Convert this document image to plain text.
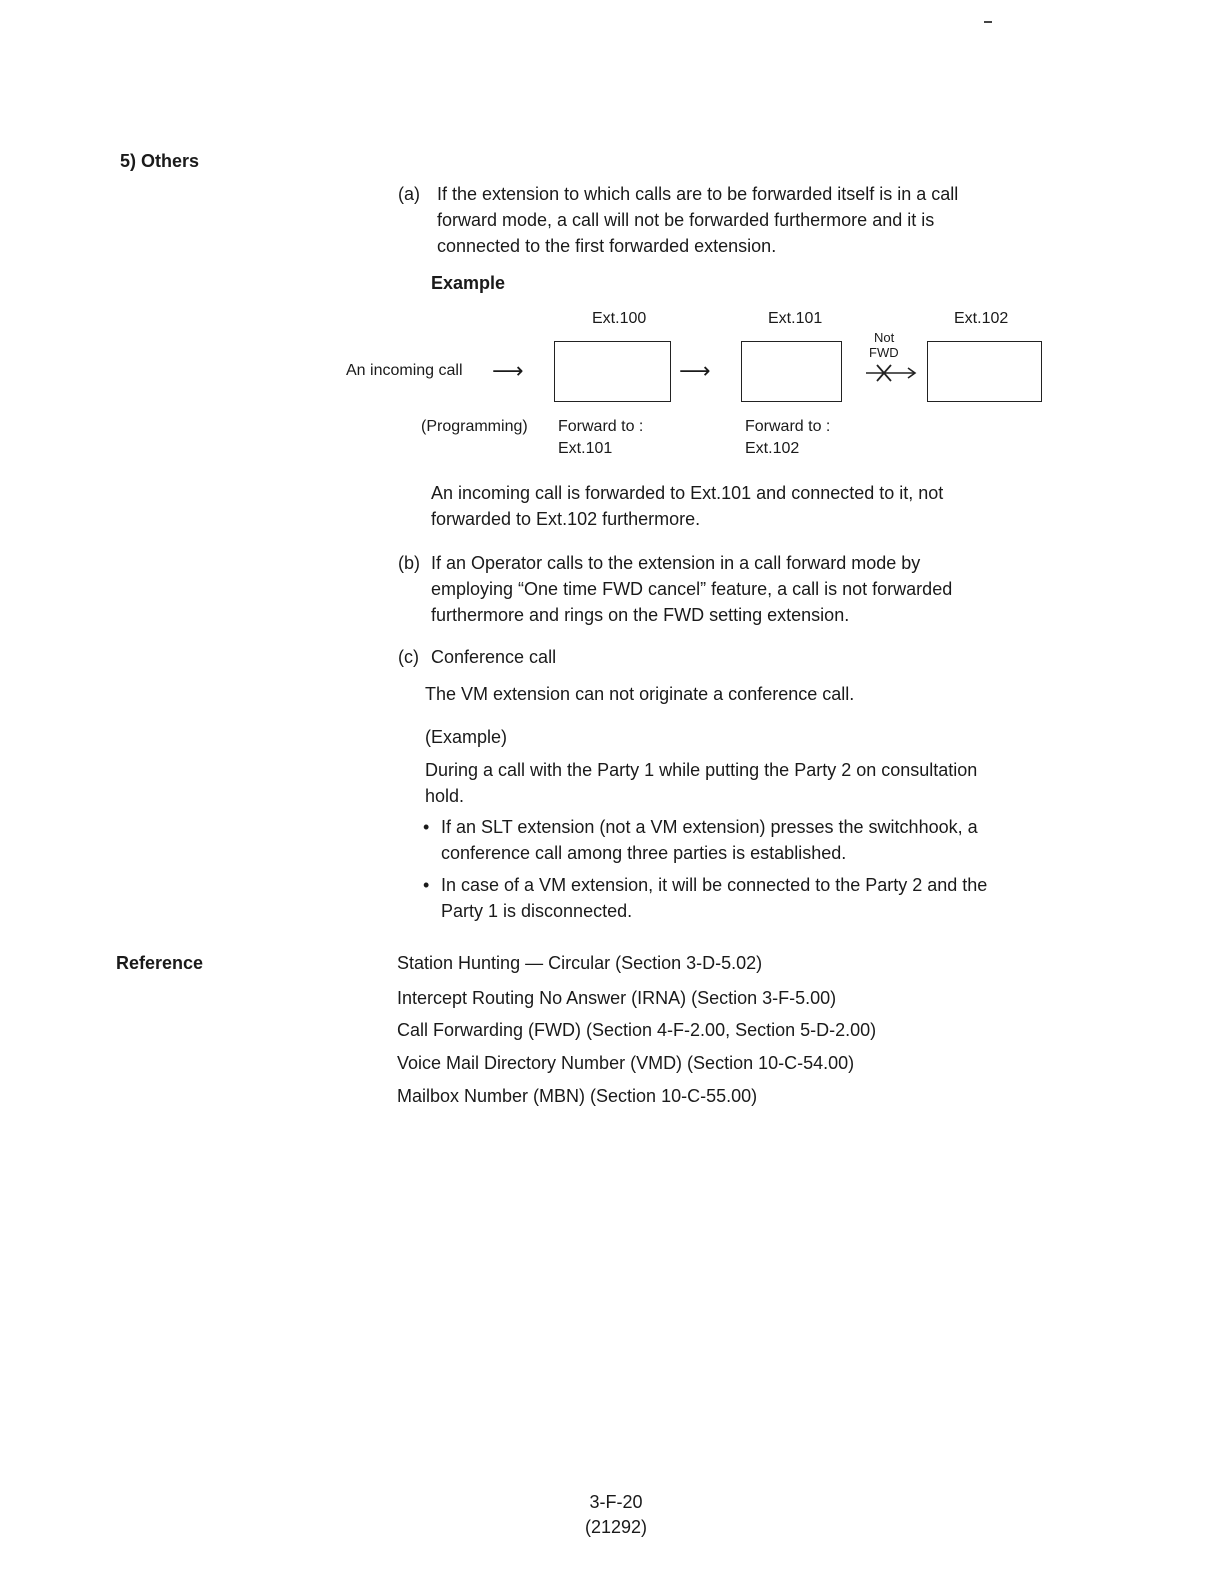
5) Others
(a) If the extension to which calls are to be forwarded itself is in a call
forward mode, a call will not be forwarded furthermore and it is
connected to the first forwarded extension.
Example
Ext.100	Ext.101	Ext.102
An incoming call ⟶	⟶
Not
FWD
(Programming) Forward to :
Ext.101
Forward to :
Ext.102
An incoming call is forwarded to Ext.101 and connected to it, not
forwarded to Ext.102 furthermore.
(b) If an Operator calls to the extension in a call forward mode by
employing “One time FWD cancel” feature, a call is not forwarded
furthermore and rings on the FWD setting extension.
(c) Conference call
The VM extension can not originate a conference call.
(Example)
During a call with the Party 1 while putting the Party 2 on consultation
hold.
• If an SLT extension (not a VM extension) presses the switchhook, a
conference call among three parties is established.
• In case of a VM extension, it will be connected to the Party 2 and the
Party 1 is disconnected.
Reference	Station Hunting — Circular (Section 3-D-5.02)
Intercept Routing No Answer (IRNA) (Section 3-F-5.00)
Call Forwarding (FWD) (Section 4-F-2.00, Section 5-D-2.00)
Voice Mail Directory Number (VMD) (Section 10-C-54.00)
Mailbox Number (MBN) (Section 10-C-55.00)
3-F-20
(21292)
